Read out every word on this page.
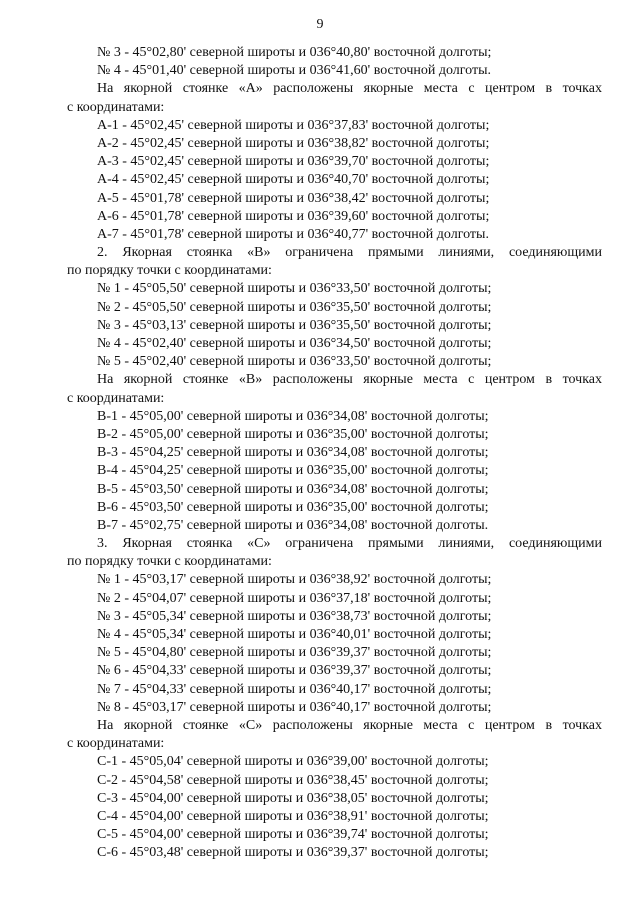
9
№ 3 - 45°02,80' северной широты и 036°40,80' восточной долготы;
№ 4 - 45°01,40' северной широты и 036°41,60' восточной долготы.
На якорной стоянке «А» расположены якорные места с центром в точках
с координатами:
А-1 - 45°02,45' северной широты и 036°37,83' восточной долготы;
А-2 - 45°02,45' северной широты и 036°38,82' восточной долготы;
А-3 - 45°02,45' северной широты и 036°39,70' восточной долготы;
А-4 - 45°02,45' северной широты и 036°40,70' восточной долготы;
А-5 - 45°01,78' северной широты и 036°38,42' восточной долготы;
А-6 - 45°01,78' северной широты и 036°39,60' восточной долготы;
А-7 - 45°01,78' северной широты и 036°40,77' восточной долготы.
2. Якорная стоянка «В» ограничена прямыми линиями, соединяющими
по порядку точки с координатами:
№ 1 - 45°05,50' северной широты и 036°33,50' восточной долготы;
№ 2 - 45°05,50' северной широты и 036°35,50' восточной долготы;
№ 3 - 45°03,13' северной широты и 036°35,50' восточной долготы;
№ 4 - 45°02,40' северной широты и 036°34,50' восточной долготы;
№ 5 - 45°02,40' северной широты и 036°33,50' восточной долготы;
На якорной стоянке «В» расположены якорные места с центром в точках
с координатами:
В-1 - 45°05,00' северной широты и 036°34,08' восточной долготы;
В-2 - 45°05,00' северной широты и 036°35,00' восточной долготы;
В-3 - 45°04,25' северной широты и 036°34,08' восточной долготы;
В-4 - 45°04,25' северной широты и 036°35,00' восточной долготы;
В-5 - 45°03,50' северной широты и 036°34,08' восточной долготы;
В-6 - 45°03,50' северной широты и 036°35,00' восточной долготы;
В-7 - 45°02,75' северной широты и 036°34,08' восточной долготы.
3. Якорная стоянка «С» ограничена прямыми линиями, соединяющими
по порядку точки с координатами:
№ 1 - 45°03,17' северной широты и 036°38,92' восточной долготы;
№ 2 - 45°04,07' северной широты и 036°37,18' восточной долготы;
№ 3 - 45°05,34' северной широты и 036°38,73' восточной долготы;
№ 4 - 45°05,34' северной широты и 036°40,01' восточной долготы;
№ 5 - 45°04,80' северной широты и 036°39,37' восточной долготы;
№ 6 - 45°04,33' северной широты и 036°39,37' восточной долготы;
№ 7 - 45°04,33' северной широты и 036°40,17' восточной долготы;
№ 8 - 45°03,17' северной широты и 036°40,17' восточной долготы;
На якорной стоянке «С» расположены якорные места с центром в точках
с координатами:
С-1 - 45°05,04' северной широты и 036°39,00' восточной долготы;
С-2 - 45°04,58' северной широты и 036°38,45' восточной долготы;
С-3 - 45°04,00' северной широты и 036°38,05' восточной долготы;
С-4 - 45°04,00' северной широты и 036°38,91' восточной долготы;
С-5 - 45°04,00' северной широты и 036°39,74' восточной долготы;
С-6 - 45°03,48' северной широты и 036°39,37' восточной долготы;
